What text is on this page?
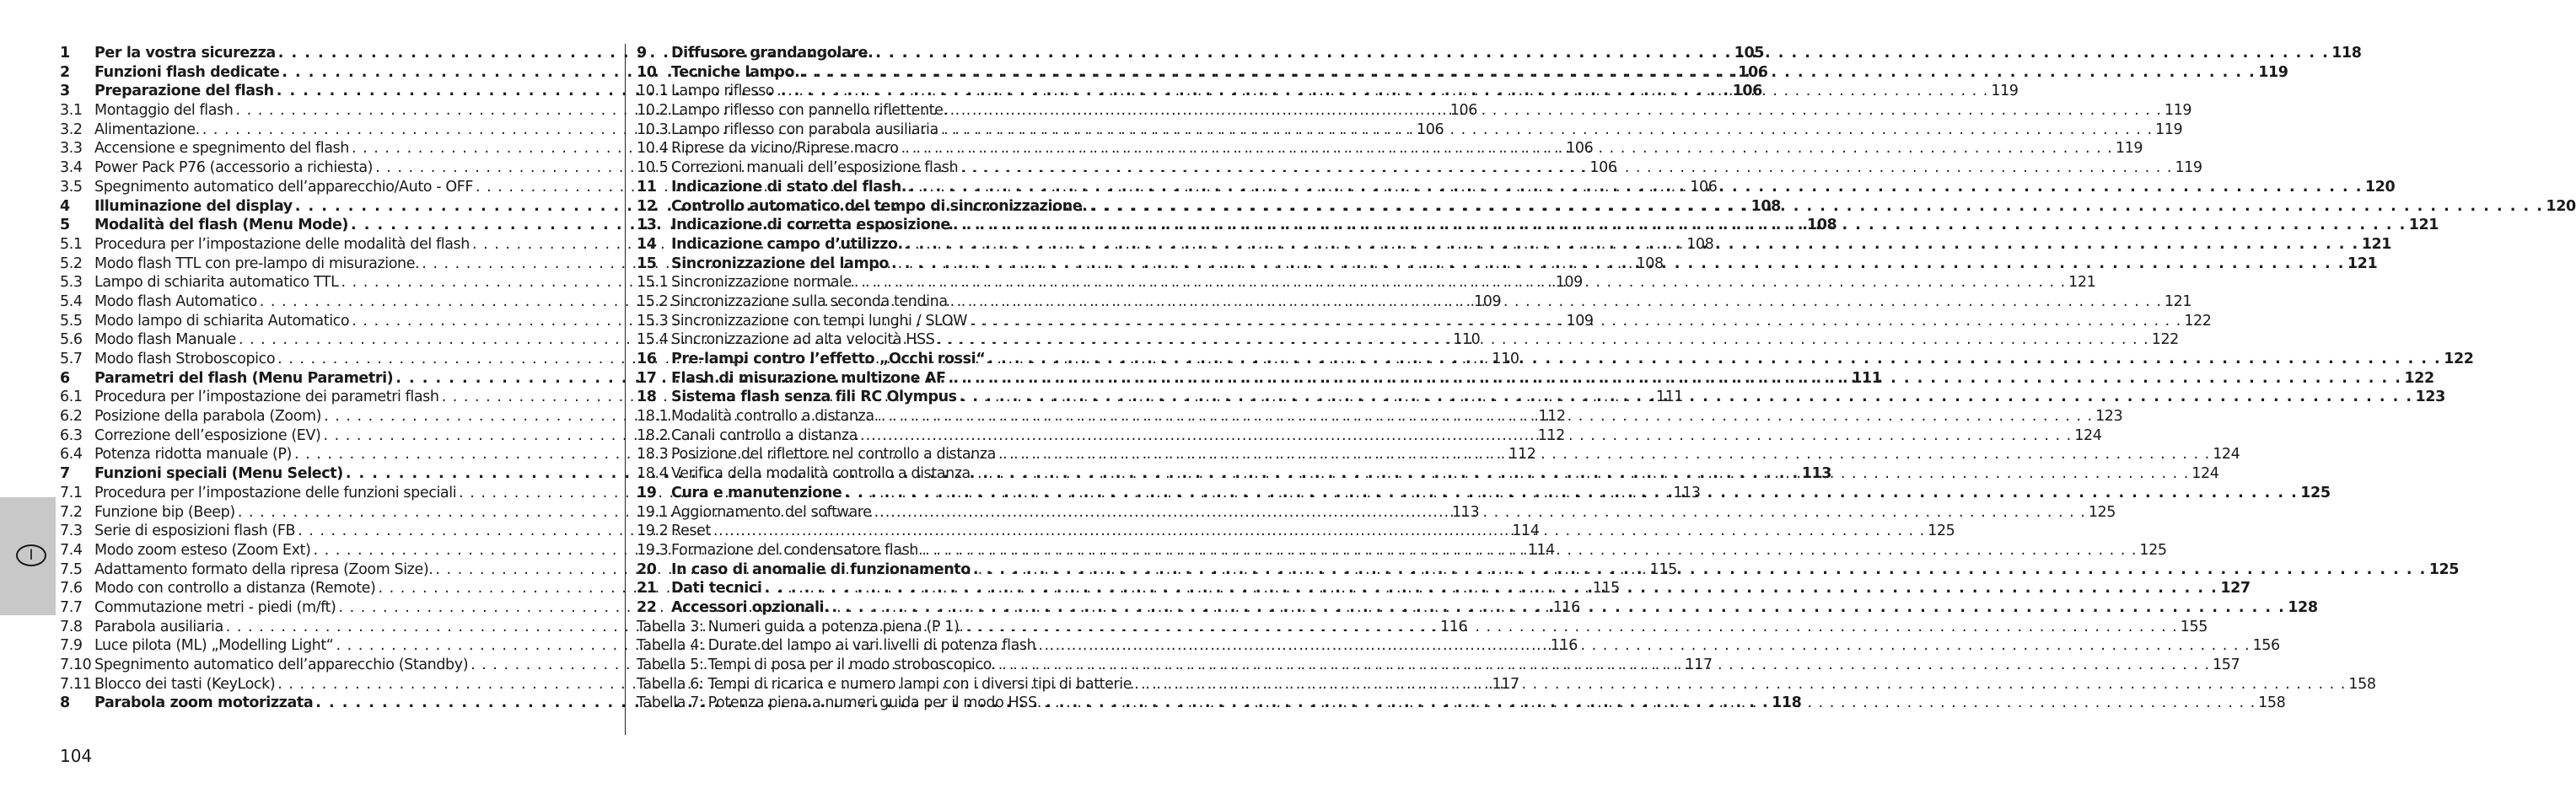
1	Per la vostra sicurezza . . .	105
2	Funzioni flash dedicate . . .	106
3	Preparazione del flash . . .	106
3.1 Montaggio del flash . . .	106
3.2 Alimentazione. . . .	106
3.3 Accensione e spegnimento del flash . . .	106
3.4 Power Pack P76 (accessorio a richiesta) . . .	106
3.5 Spegnimento automatico dell’apparecchio/Auto - OFF . . .	106
4	Illuminazione del display . . .	108
5	Modalità del flash (Menu Mode) . . .	108
5.1 Procedura per l’impostazione delle modalità del flash . . .	108
5.2 Modo flash TTL con pre-lampo di misurazione. . . .	108
5.3 Lampo di schiarita automatico TTL . . .	109
5.4 Modo flash Automatico . . .	109
5.5 Modo lampo di schiarita Automatico . . .	109
5.6 Modo flash Manuale . . .	110
5.7 Modo flash Stroboscopico . . .	110
6	Parametri del flash (Menu Parametri) . . .	111
6.1 Procedura per l’impostazione dei parametri flash . . .	111
6.2 Posizione della parabola (Zoom) . . .	112
6.3 Correzione dell’esposizione (EV) . . .	112
6.4 Potenza ridotta manuale (P) . . .	112
7	Funzioni speciali (Menu Select) . . .	113
7.1 Procedura per l’impostazione delle funzioni speciali . . .	113
7.2 Funzione bip (Beep) . . .	113
7.3 Serie di esposizioni flash (FB . . .	114
7.4 Modo zoom esteso (Zoom Ext) . . .	114
7.5 Adattamento formato della ripresa (Zoom Size). . . .	115
7.6 Modo con controllo a distanza (Remote) . . .	115
7.7 Commutazione metri - piedi (m/ft) . . .	116
7.8 Parabola ausiliaria . . .	116
7.9 Luce pilota (ML) „Modelling Light“ . . .	116
7.10 Spegnimento automatico dell’apparecchio (Standby) . . .	117
7.11 Blocco dei tasti (KeyLock) . . .	117
8	Parabola zoom motorizzata . . .	118
9	Diffusore grandangolare. . . .	118
10 Tecniche lampo. . . .	119
10.1 Lampo riflesso . . .	119
10.2 Lampo riflesso con pannello riflettente. . . .	119
10.3 Lampo riflesso con parabola ausiliaria . . .	119
10.4 Riprese da vicino/Riprese macro . . .	119
10.5 Correzioni manuali dell’esposizione flash . . .	119
11 Indicazione di stato del flash. . . .	120
12 Controllo automatico del tempo di sincronizzazione. . . .	120
13 Indicazione di corretta esposizione . . .	121
14 Indicazione campo d’utilizzo. . . .	121
15 Sincronizzazione del lampo . . .	121
15.1 Sincronizzazione normale . . .	121
15.2 Sincronizzazione sulla seconda tendina . . .	121
15.3 Sincronizzazione con tempi lunghi / SLOW . . .	122
15.4 Sincronizzazione ad alta velocità HSS . . .	122
16 Pre-lampi contro l’effetto „Occhi rossi“ . . .	122
17 Flash di misurazione multizone AF . . .	122
18 Sistema flash senza fili RC Olympus . . .	123
18.1 Modalità controllo a distanza. . . .	123
18.2 Canali controllo a distanza . . .	124
18.3 Posizione del riflettore nel controllo a distanza . . .	124
18.4 Verifica della modalità controllo a distanza. . . .	124
19 Cura e manutenzione . . .	125
19.1 Aggiornamento del software . . .	125
19.2 Reset . . .	125
19.3 Formazione del condensatore flash. . . .	125
20 In caso di anomalie di funzionamento . . .	125
21 Dati tecnici . . .	127
22 Accessori opzionali. . . .	128
Tabella 3: Numeri guida a potenza piena (P 1). . . .	155
Tabella 4: Durate del lampo ai vari livelli di potenza flash . . .	156
Tabella 5: Tempi di posa per il modo stroboscopico. . . .	157
Tabella 6: Tempi di ricarica e numero lampi con i diversi tipi di batterie . . .	158
Tabella 7: Potenza piena a numeri guida per il modo HSS. . . .	158
I
104
